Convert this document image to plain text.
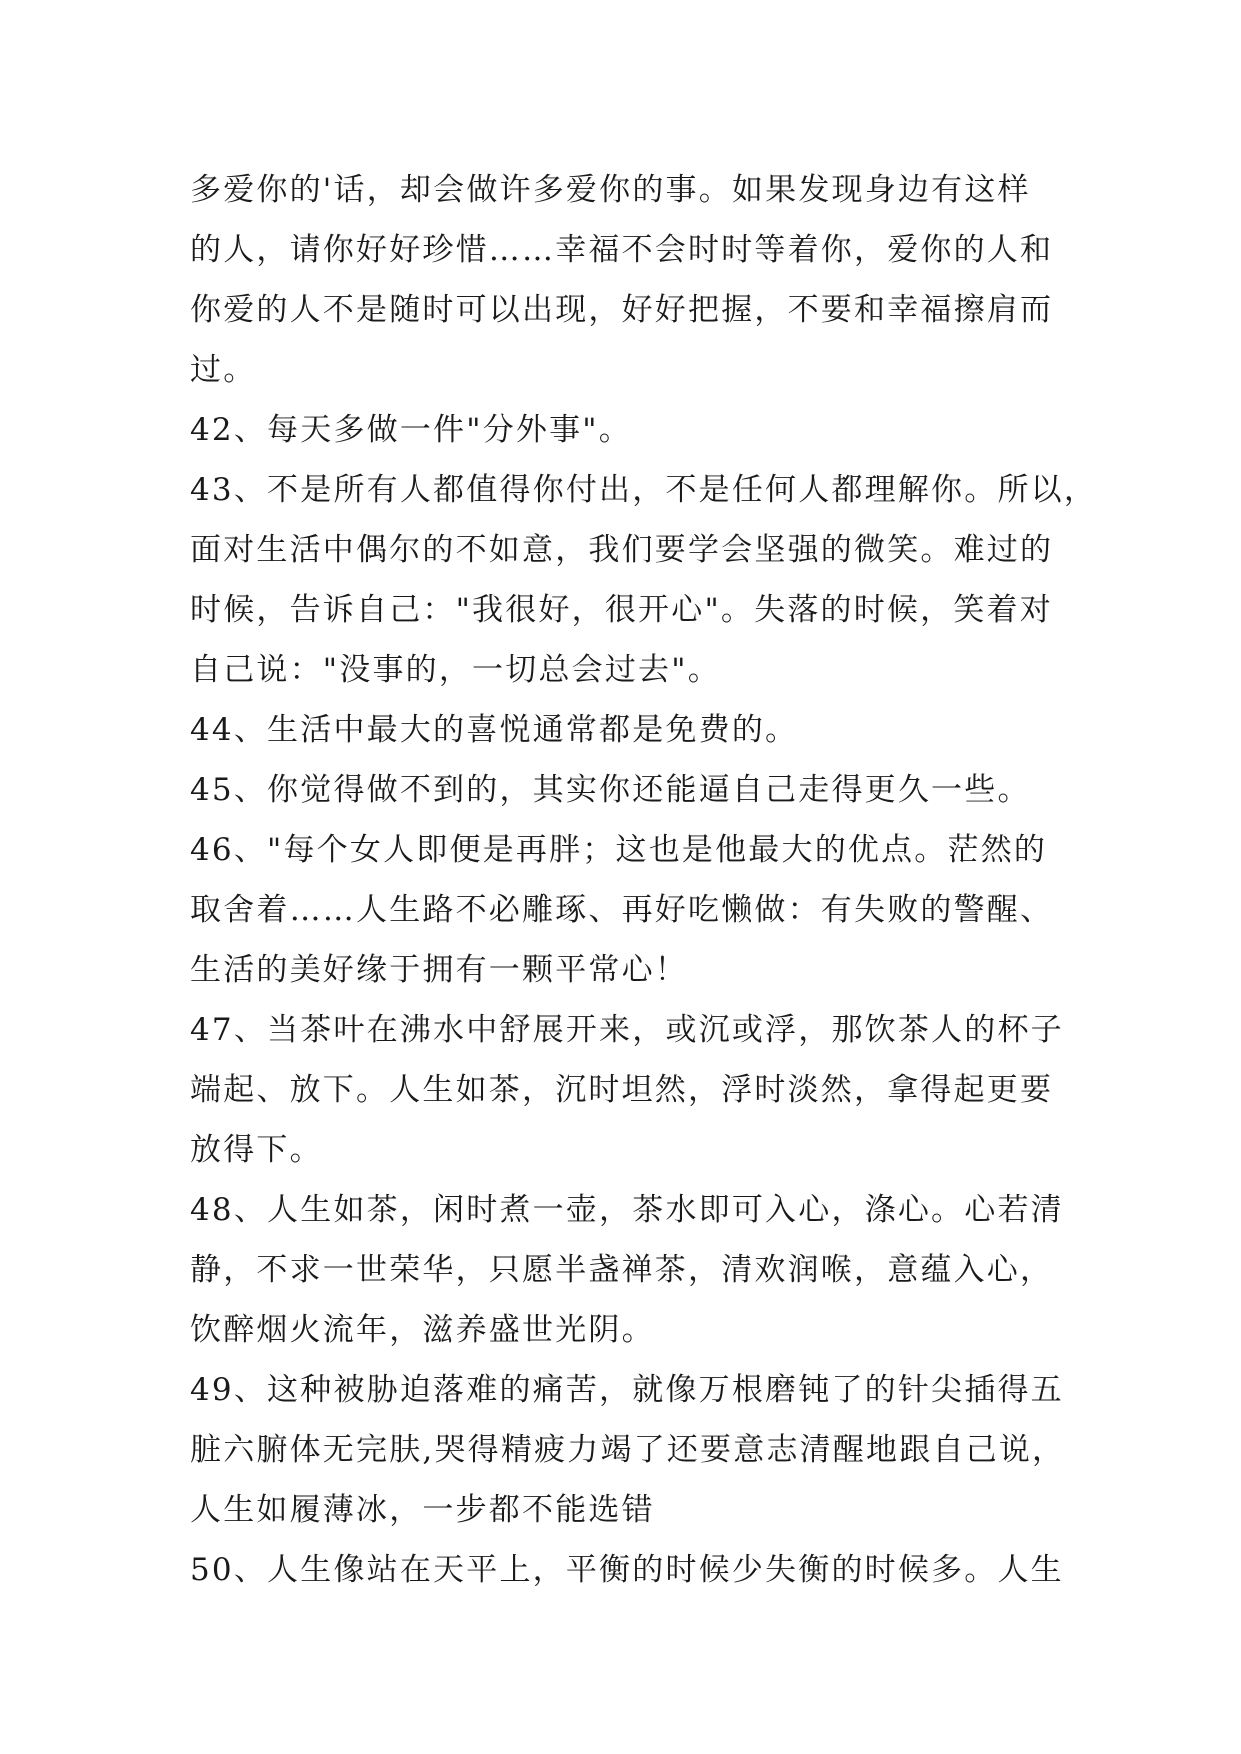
多爱你的'话，却会做许多爱你的事。如果发现身边有这样
的人，请你好好珍惜……幸福不会时时等着你，爱你的人和
你爱的人不是随时可以出现，好好把握，不要和幸福擦肩而
过。
42、每天多做一件"分外事"。
43、不是所有人都值得你付出，不是任何人都理解你。所以，
面对生活中偶尔的不如意，我们要学会坚强的微笑。难过的
时候，告诉自己："我很好，很开心"。失落的时候，笑着对
自己说："没事的，一切总会过去"。
44、生活中最大的喜悦通常都是免费的。
45、你觉得做不到的，其实你还能逼自己走得更久一些。
46、"每个女人即便是再胖；这也是他最大的优点。茫然的
取舍着……人生路不必雕琢、再好吃懒做：有失败的警醒、
生活的美好缘于拥有一颗平常心！
47、当茶叶在沸水中舒展开来，或沉或浮，那饮茶人的杯子
端起、放下。人生如茶，沉时坦然，浮时淡然，拿得起更要
放得下。
48、人生如茶，闲时煮一壶，茶水即可入心，涤心。心若清
静，不求一世荣华，只愿半盏禅茶，清欢润喉，意蕴入心，
饮醉烟火流年，滋养盛世光阴。
49、这种被胁迫落难的痛苦，就像万根磨钝了的针尖插得五
脏六腑体无完肤,哭得精疲力竭了还要意志清醒地跟自己说，
人生如履薄冰，一步都不能选错
50、人生像站在天平上，平衡的时候少失衡的时候多。人生
